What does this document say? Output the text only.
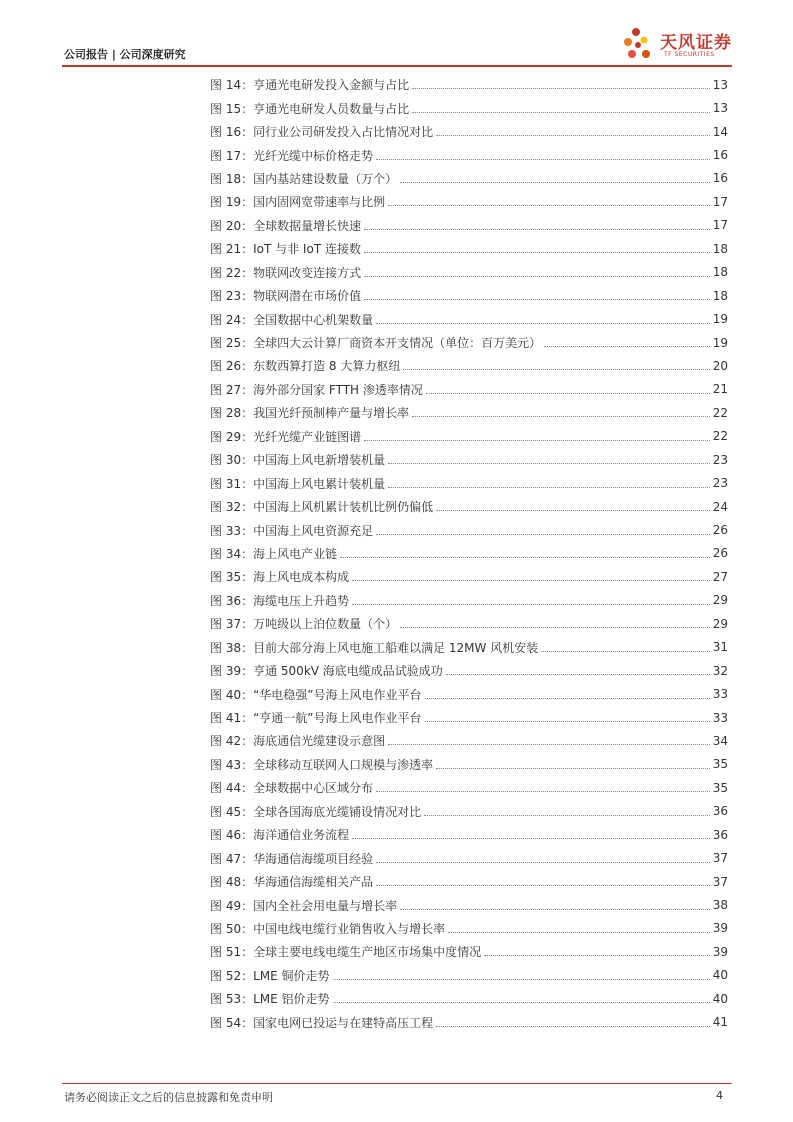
公司报告 | 公司深度研究
天风证券
TF SECURITIES
图 14： 亨通光电研发投入金额与占比	13
图 15： 亨通光电研发人员数量与占比	13
图 16： 同行业公司研发投入占比情况对比	14
图 17： 光纤光缆中标价格走势	16
图 18： 国内基站建设数量（万个）	16
图 19： 国内固网宽带速率与比例	17
图 20： 全球数据量增长快速	17
图 21： IoT 与非 IoT 连接数	18
图 22： 物联网改变连接方式	18
图 23： 物联网潜在市场价值	18
图 24： 全国数据中心机架数量	19
图 25： 全球四大云计算厂商资本开支情况（单位：百万美元）	19
图 26： 东数西算打造 8 大算力枢纽	20
图 27： 海外部分国家 FTTH 渗透率情况	21
图 28： 我国光纤预制棒产量与增长率	22
图 29： 光纤光缆产业链图谱	22
图 30： 中国海上风电新增装机量	23
图 31： 中国海上风电累计装机量	23
图 32： 中国海上风机累计装机比例仍偏低	24
图 33： 中国海上风电资源充足	26
图 34： 海上风电产业链	26
图 35： 海上风电成本构成	27
图 36： 海缆电压上升趋势	29
图 37： 万吨级以上泊位数量（个）	29
图 38： 目前大部分海上风电施工船难以满足 12MW 风机安装	31
图 39： 亨通 500kV 海底电缆成品试验成功	32
图 40： “华电稳强”号海上风电作业平台	33
图 41： “亨通一航”号海上风电作业平台	33
图 42： 海底通信光缆建设示意图	34
图 43： 全球移动互联网人口规模与渗透率	35
图 44： 全球数据中心区域分布	35
图 45： 全球各国海底光缆铺设情况对比	36
图 46： 海洋通信业务流程	36
图 47： 华海通信海缆项目经验	37
图 48： 华海通信海缆相关产品	37
图 49： 国内全社会用电量与增长率	38
图 50： 中国电线电缆行业销售收入与增长率	39
图 51： 全球主要电线电缆生产地区市场集中度情况	39
图 52： LME 铜价走势	40
图 53： LME 铝价走势	40
图 54： 国家电网已投运与在建特高压工程	41
请务必阅读正文之后的信息披露和免责申明	4
